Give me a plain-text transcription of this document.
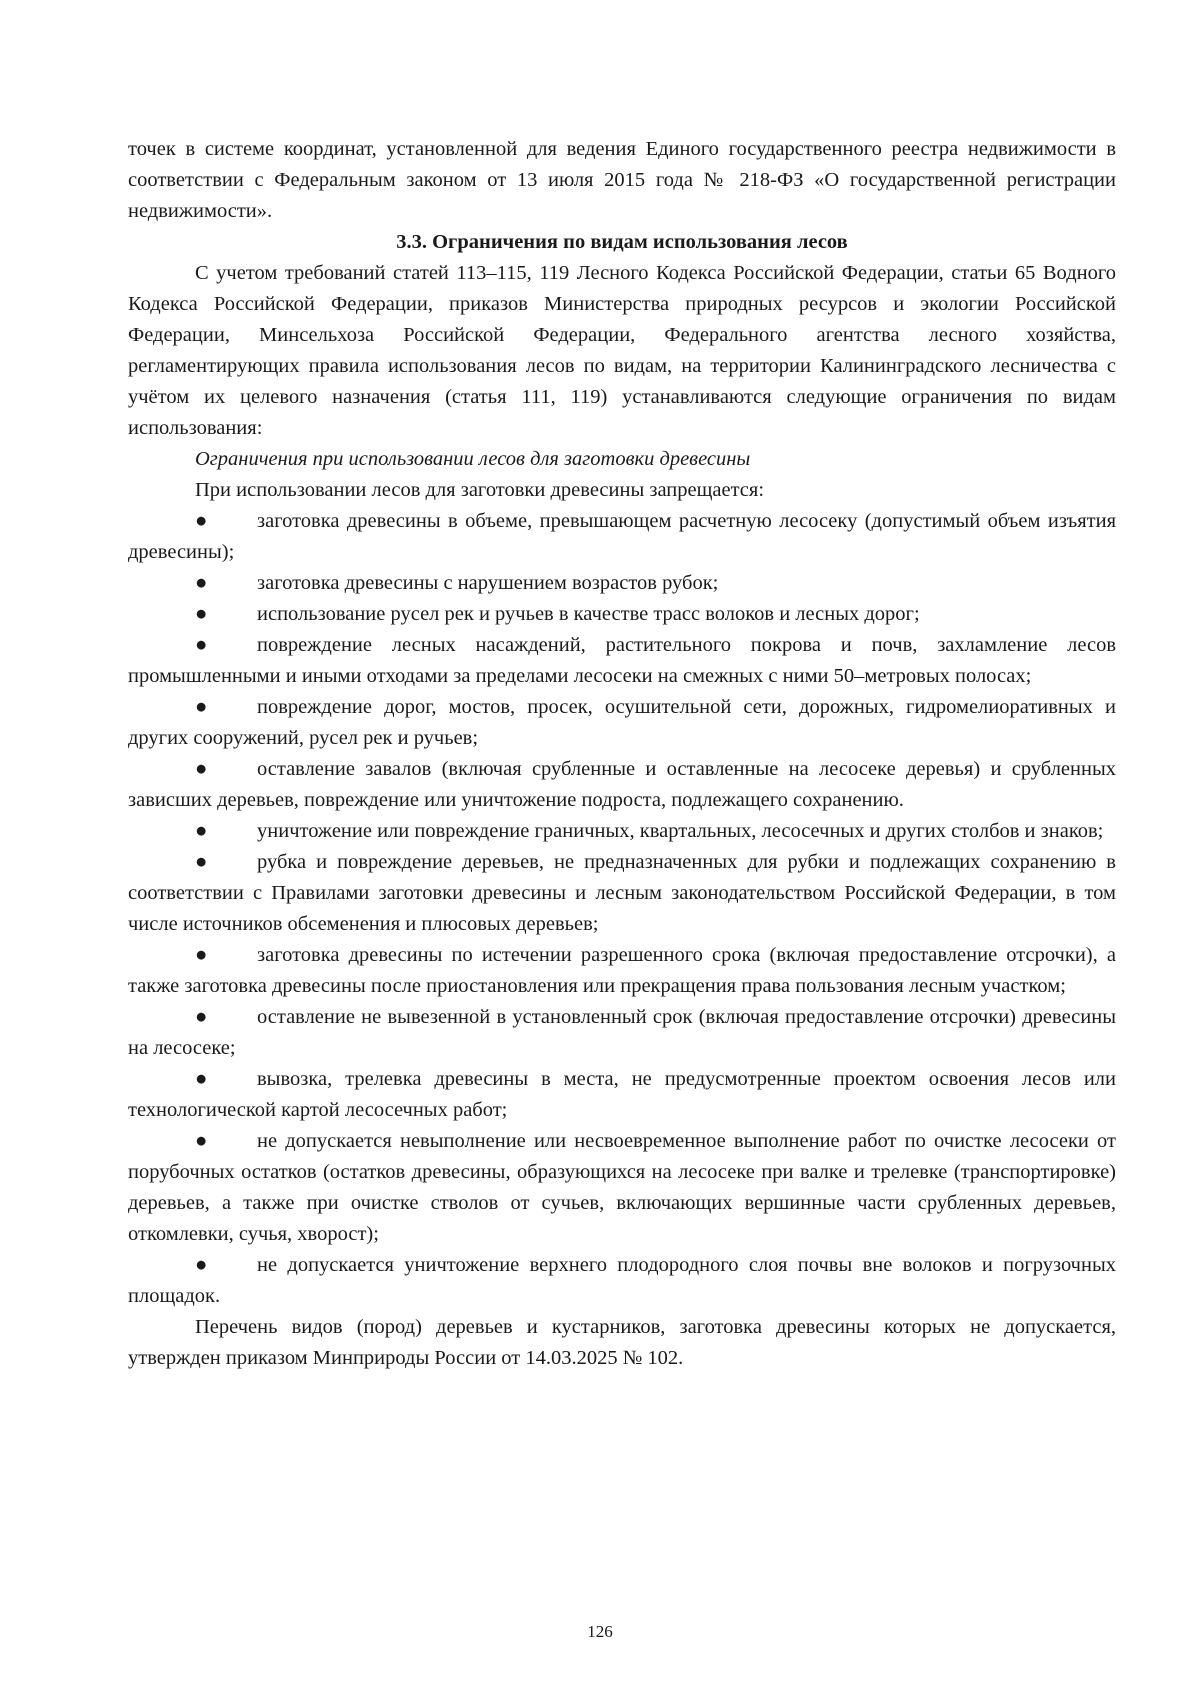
точек в системе координат, установленной для ведения Единого государственного реестра недвижимости в соответствии с Федеральным законом от 13 июля 2015 года № 218-ФЗ «О государственной регистрации недвижимости».

3.3. Ограничения по видам использования лесов

С учетом требований статей 113–115, 119 Лесного Кодекса Российской Федерации, статьи 65 Водного Кодекса Российской Федерации, приказов Министерства природных ресурсов и экологии Российской Федерации, Минсельхоза Российской Федерации, Федерального агентства лесного хозяйства, регламентирующих правила использования лесов по видам, на территории Калининградского лесничества с учётом их целевого назначения (статья 111, 119) устанавливаются следующие ограничения по видам использования:

Ограничения при использовании лесов для заготовки древесины

При использовании лесов для заготовки древесины запрещается:

● заготовка древесины в объеме, превышающем расчетную лесосеку (допустимый объем изъятия древесины);

● заготовка древесины с нарушением возрастов рубок;

● использование русел рек и ручьев в качестве трасс волоков и лесных дорог;

● повреждение лесных насаждений, растительного покрова и почв, захламление лесов промышленными и иными отходами за пределами лесосеки на смежных с ними 50–метровых полосах;

● повреждение дорог, мостов, просек, осушительной сети, дорожных, гидромелиоративных и других сооружений, русел рек и ручьев;

● оставление завалов (включая срубленные и оставленные на лесосеке деревья) и срубленных зависших деревьев, повреждение или уничтожение подроста, подлежащего сохранению.

● уничтожение или повреждение граничных, квартальных, лесосечных и других столбов и знаков;

● рубка и повреждение деревьев, не предназначенных для рубки и подлежащих сохранению в соответствии с Правилами заготовки древесины и лесным законодательством Российской Федерации, в том числе источников обсеменения и плюсовых деревьев;

● заготовка древесины по истечении разрешенного срока (включая предоставление отсрочки), а также заготовка древесины после приостановления или прекращения права пользования лесным участком;

● оставление не вывезенной в установленный срок (включая предоставление отсрочки) древесины на лесосеке;

● вывозка, трелевка древесины в места, не предусмотренные проектом освоения лесов или технологической картой лесосечных работ;

● не допускается невыполнение или несвоевременное выполнение работ по очистке лесосеки от порубочных остатков (остатков древесины, образующихся на лесосеке при валке и трелевке (транспортировке) деревьев, а также при очистке стволов от сучьев, включающих вершинные части срубленных деревьев, откомлевки, сучья, хворост);

● не допускается уничтожение верхнего плодородного слоя почвы вне волоков и погрузочных площадок.

Перечень видов (пород) деревьев и кустарников, заготовка древесины которых не допускается, утвержден приказом Минприроды России от 14.03.2025 № 102.

126
